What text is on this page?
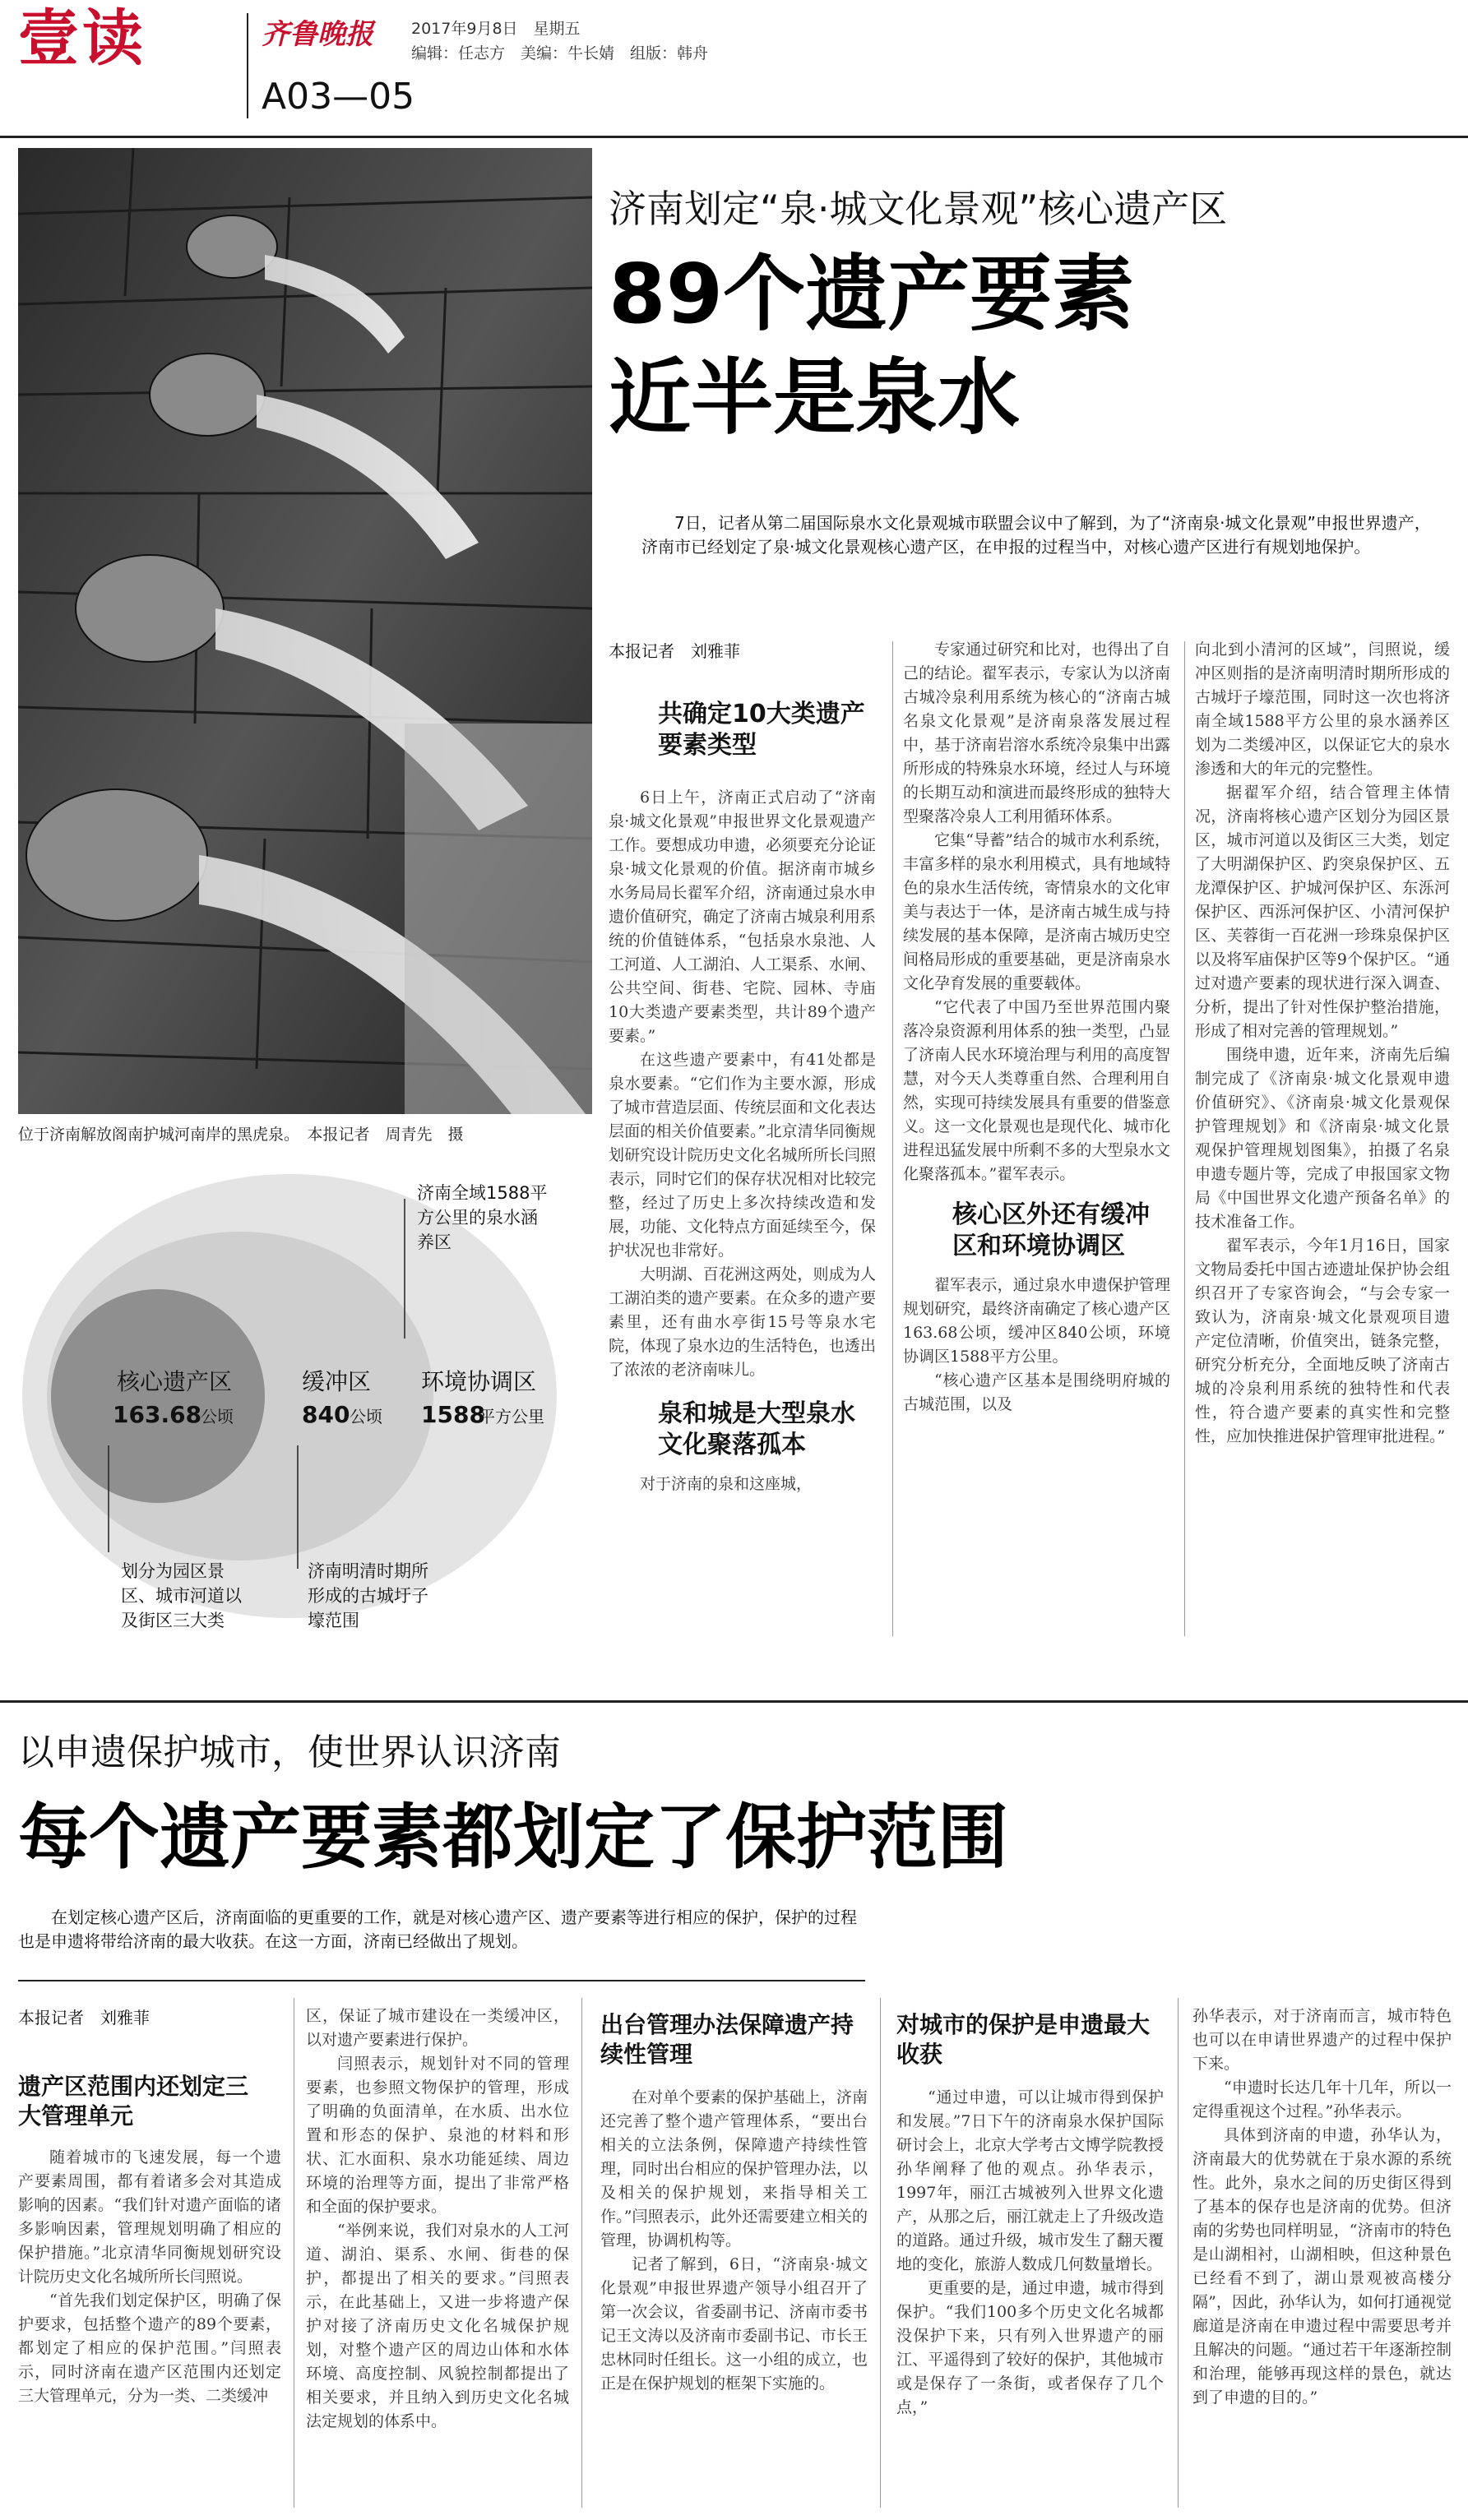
壹读	齐鲁晚报 2017年9月8日　星期五
编辑：任志方　美编：牛长婧　组版：韩舟
A03—05
位于济南解放阁南护城河南岸的黑虎泉。　本报记者　周青先　摄
济南划定“泉·城文化景观”核心遗产区
89个遗产要素
近半是泉水
7日，记者从第二届国际泉水文化景观城市联盟会议中了解到，为了“济南泉·城文化景观”申报世界遗产，济南市已经划定了泉·城文化景观核心遗产区，在申报的过程当中，对核心遗产区进行有规划地保护。
本报记者　刘雅菲
共确定10大类遗产要素类型

6日上午，济南正式启动了“济南泉·城文化景观”申报世界文化景观遗产工作。要想成功申遗，必须要充分论证泉·城文化景观的价值。据济南市城乡水务局局长翟军介绍，济南通过泉水申遗价值研究，确定了济南古城泉利用系统的价值链体系，“包括泉水泉池、人工河道、人工湖泊、人工渠系、水闸、公共空间、街巷、宅院、园林、寺庙10大类遗产要素类型，共计89个遗产要素。”

在这些遗产要素中，有41处都是泉水要素。“它们作为主要水源，形成了城市营造层面、传统层面和文化表达层面的相关价值要素。”北京清华同衡规划研究设计院历史文化名城所所长闫照表示，同时它们的保存状况相对比较完整，经过了历史上多次持续改造和发展，功能、文化特点方面延续至今，保护状况也非常好。

大明湖、百花洲这两处，则成为人工湖泊类的遗产要素。在众多的遗产要素里，还有曲水亭街15号等泉水宅院，体现了泉水边的生活特色，也透出了浓浓的老济南味儿。

泉和城是大型泉水文化聚落孤本

对于济南的泉和这座城，

专家通过研究和比对，也得出了自己的结论。翟军表示，专家认为以济南古城冷泉利用系统为核心的“济南古城名泉文化景观”是济南泉落发展过程中，基于济南岩溶水系统冷泉集中出露所形成的特殊泉水环境，经过人与环境的长期互动和演进而最终形成的独特大型聚落冷泉人工利用循环体系。

它集“导蓄”结合的城市水利系统，丰富多样的泉水利用模式，具有地域特色的泉水生活传统，寄情泉水的文化审美与表达于一体，是济南古城生成与持续发展的基本保障，是济南古城历史空间格局形成的重要基础，更是济南泉水文化孕育发展的重要载体。

“它代表了中国乃至世界范围内聚落冷泉资源利用体系的独一类型，凸显了济南人民水环境治理与利用的高度智慧，对今天人类尊重自然、合理利用自然，实现可持续发展具有重要的借鉴意义。这一文化景观也是现代化、城市化进程迅猛发展中所剩不多的大型泉水文化聚落孤本。”翟军表示。

核心区外还有缓冲区和环境协调区

翟军表示，通过泉水申遗保护管理规划研究，最终济南确定了核心遗产区163.68公顷，缓冲区840公顷，环境协调区1588平方公里。

“核心遗产区基本是围绕明府城的古城范围，以及

向北到小清河的区域”，闫照说，缓冲区则指的是济南明清时期所形成的古城圩子壕范围，同时这一次也将济南全域1588平方公里的泉水涵养区划为二类缓冲区，以保证它大的泉水渗透和大的年元的完整性。

据翟军介绍，结合管理主体情况，济南将核心遗产区划分为园区景区，城市河道以及街区三大类，划定了大明湖保护区、趵突泉保护区、五龙潭保护区、护城河保护区、东泺河保护区、西泺河保护区、小清河保护区、芙蓉街一百花洲一珍珠泉保护区以及将军庙保护区等9个保护区。“通过对遗产要素的现状进行深入调查、分析，提出了针对性保护整治措施，形成了相对完善的管理规划。”

围绕申遗，近年来，济南先后编制完成了《济南泉·城文化景观申遗价值研究》、《济南泉·城文化景观保护管理规划》和《济南泉·城文化景观保护管理规划图集》，拍摄了名泉申遗专题片等，完成了申报国家文物局《中国世界文化遗产预备名单》的技术准备工作。

翟军表示，今年1月16日，国家文物局委托中国古迹遗址保护协会组织召开了专家咨询会，“与会专家一致认为，济南泉·城文化景观项目遗产定位清晰，价值突出，链条完整，研究分析充分，全面地反映了济南古城的冷泉利用系统的独特性和代表性，符合遗产要素的真实性和完整性，应加快推进保护管理审批进程。”

核心遗产区
163.68
公顷
缓冲区
840 公顷
环境协调区
1588
平方公里
济南全域1588平 方公里的泉水涵 养区
划分为园区景 区、城市河道以 及街区三大类
济南明清时期所 形成的古城圩子 壕范围
以申遗保护城市，使世界认识济南
每个遗产要素都划定了保护范围
在划定核心遗产区后，济南面临的更重要的工作，就是对核心遗产区、遗产要素等进行相应的保护，保护的过程也是申遗将带给济南的最大收获。在这一方面，济南已经做出了规划。
本报记者　刘雅菲
遗产区范围内还划定三大管理单元

随着城市的飞速发展，每一个遗产要素周围，都有着诸多会对其造成影响的因素。“我们针对遗产面临的诸多影响因素，管理规划明确了相应的保护措施。”北京清华同衡规划研究设计院历史文化名城所所长闫照说。

“首先我们划定保护区，明确了保护要求，包括整个遗产的89个要素，都划定了相应的保护范围。”闫照表示，同时济南在遗产区范围内还划定三大管理单元，分为一类、二类缓冲

区，保证了城市建设在一类缓冲区，以对遗产要素进行保护。

闫照表示，规划针对不同的管理要素，也参照文物保护的管理，形成了明确的负面清单，在水质、出水位置和形态的保护、泉池的材料和形状、汇水面积、泉水功能延续、周边环境的治理等方面，提出了非常严格和全面的保护要求。

“举例来说，我们对泉水的人工河道、湖泊、渠系、水闸、街巷的保护，都提出了相关的要求。”闫照表示，在此基础上，又进一步将遗产保护对接了济南历史文化名城保护规划，对整个遗产区的周边山体和水体环境、高度控制、风貌控制都提出了相关要求，并且纳入到历史文化名城法定规划的体系中。

出台管理办法保障遗产持续性管理

在对单个要素的保护基础上，济南还完善了整个遗产管理体系，“要出台相关的立法条例，保障遗产持续性管理，同时出台相应的保护管理办法，以及相关的保护规划，来指导相关工作。”闫照表示，此外还需要建立相关的管理，协调机构等。

记者了解到，6日，“济南泉·城文化景观”申报世界遗产领导小组召开了第一次会议，省委副书记、济南市委书记王文涛以及济南市委副书记、市长王忠林同时任组长。这一小组的成立，也正是在保护规划的框架下实施的。

对城市的保护是申遗最大收获

“通过申遗，可以让城市得到保护和发展。”7日下午的济南泉水保护国际研讨会上，北京大学考古文博学院教授孙华阐释了他的观点。孙华表示，1997年，丽江古城被列入世界文化遗产，从那之后，丽江就走上了升级改造的道路。通过升级，城市发生了翻天覆地的变化，旅游人数成几何数量增长。

更重要的是，通过申遗，城市得到保护。“我们100多个历史文化名城都没保护下来，只有列入世界遗产的丽江、平遥得到了较好的保护，其他城市或是保存了一条街，或者保存了几个点，”

孙华表示，对于济南而言，城市特色也可以在申请世界遗产的过程中保护下来。

“申遗时长达几年十几年，所以一定得重视这个过程。”孙华表示。

具体到济南的申遗，孙华认为，济南最大的优势就在于泉水源的系统性。此外，泉水之间的历史街区得到了基本的保存也是济南的优势。但济南的劣势也同样明显，“济南市的特色是山湖相衬，山湖相映，但这种景色已经看不到了，湖山景观被高楼分隔”，因此，孙华认为，如何打通视觉廊道是济南在申遗过程中需要思考并且解决的问题。“通过若干年逐渐控制和治理，能够再现这样的景色，就达到了申遗的目的。”
